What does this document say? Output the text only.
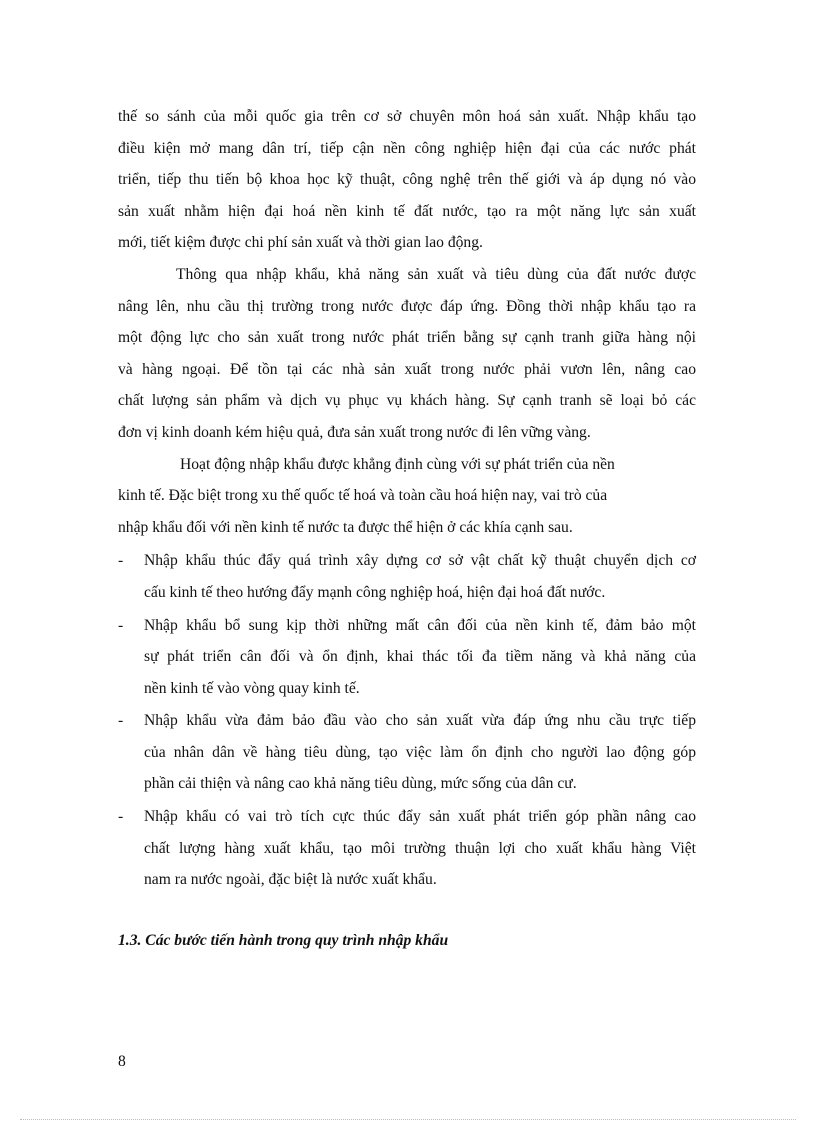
thế so sánh của mỗi quốc gia trên cơ sở chuyên môn hoá sản xuất. Nhập khẩu tạo
điều kiện mở mang dân trí, tiếp cận nền công nghiệp hiện đại của các nước phát
triển, tiếp thu tiến bộ khoa học kỹ thuật, công nghệ trên thế giới và áp dụng nó vào
sản xuất nhằm hiện đại hoá nền kinh tế đất nước, tạo ra một năng lực sản xuất
mới, tiết kiệm được chi phí sản xuất và thời gian lao động.
Thông qua nhập khẩu, khả năng sản xuất và tiêu dùng của đất nước được
nâng lên, nhu cầu thị trường trong nước được đáp ứng. Đồng thời nhập khẩu tạo ra
một động lực cho sản xuất trong nước phát triển bằng sự cạnh tranh giữa hàng nội
và hàng ngoại. Để tồn tại các nhà sản xuất trong nước phải vươn lên, nâng cao
chất lượng sản phẩm và dịch vụ phục vụ khách hàng. Sự cạnh tranh sẽ loại bỏ các
đơn vị kinh doanh kém hiệu quả, đưa sản xuất trong nước đi lên vững vàng.
Hoạt động nhập khẩu được khẳng định cùng với sự phát triển của nền
kinh tế. Đặc biệt trong xu thế quốc tế hoá và toàn cầu hoá hiện nay, vai trò của
nhập khẩu đối với nền kinh tế nước ta được thể hiện ở các khía cạnh sau.
- Nhập khẩu thúc đẩy quá trình xây dựng cơ sở vật chất kỹ thuật chuyển dịch cơ
cấu kinh tế theo hướng đẩy mạnh công nghiệp hoá, hiện đại hoá đất nước.
- Nhập khẩu bổ sung kịp thời những mất cân đối của nền kinh tế, đảm bảo một
sự phát triển cân đối và ổn định, khai thác tối đa tiềm năng và khả năng của
nền kinh tế vào vòng quay kinh tế.
- Nhập khẩu vừa đảm bảo đầu vào cho sản xuất vừa đáp ứng nhu cầu trực tiếp
của nhân dân về hàng tiêu dùng, tạo việc làm ổn định cho người lao động góp
phần cải thiện và nâng cao khả năng tiêu dùng, mức sống của dân cư.
- Nhập khẩu có vai trò tích cực thúc đẩy sản xuất phát triển góp phần nâng cao
chất lượng hàng xuất khẩu, tạo môi trường thuận lợi cho xuất khẩu hàng Việt
nam ra nước ngoài, đặc biệt là nước xuất khẩu.
1.3. Các bước tiến hành trong quy trình nhập khẩu
8
